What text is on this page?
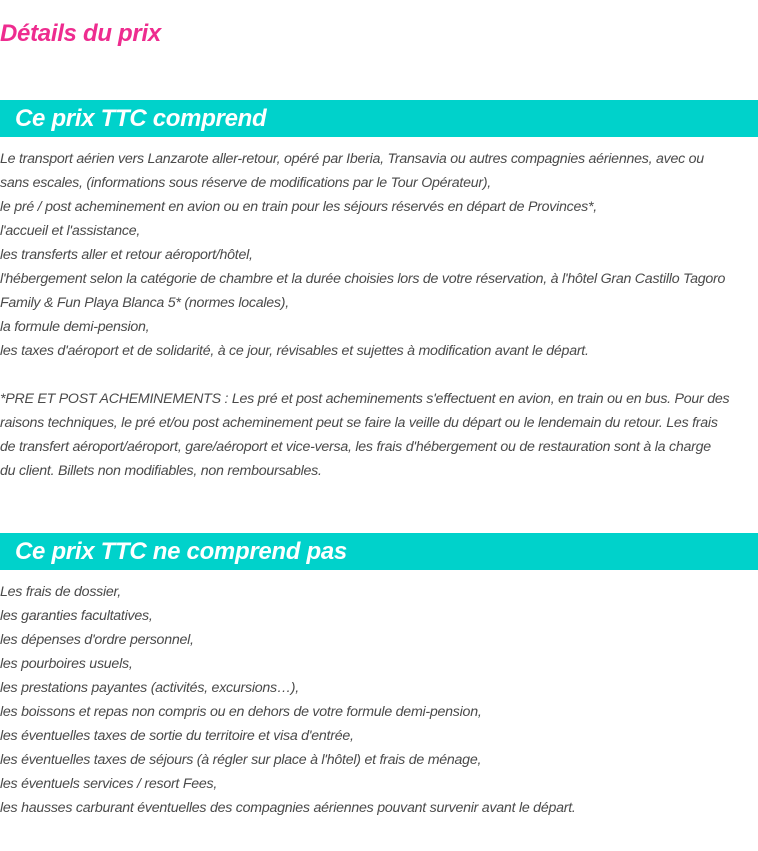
Détails du prix
Ce prix TTC comprend
Le transport aérien vers Lanzarote aller-retour, opéré par Iberia, Transavia ou autres compagnies aériennes, avec ou
sans escales, (informations sous réserve de modifications par le Tour Opérateur),
le pré / post acheminement en avion ou en train pour les séjours réservés en départ de Provinces*,
l'accueil et l'assistance,
les transferts aller et retour aéroport/hôtel,
l'hébergement selon la catégorie de chambre et la durée choisies lors de votre réservation, à l'hôtel Gran Castillo Tagoro
Family & Fun Playa Blanca 5* (normes locales),
la formule demi-pension,
les taxes d'aéroport et de solidarité, à ce jour, révisables et sujettes à modification avant le départ.
*PRE ET POST ACHEMINEMENTS : Les pré et post acheminements s'effectuent en avion, en train ou en bus. Pour des
raisons techniques, le pré et/ou post acheminement peut se faire la veille du départ ou le lendemain du retour. Les frais
de transfert aéroport/aéroport, gare/aéroport et vice-versa, les frais d'hébergement ou de restauration sont à la charge
du client. Billets non modifiables, non remboursables.
Ce prix TTC ne comprend pas
Les frais de dossier,
les garanties facultatives,
les dépenses d'ordre personnel,
les pourboires usuels,
les prestations payantes (activités, excursions…),
les boissons et repas non compris ou en dehors de votre formule demi-pension,
les éventuelles taxes de sortie du territoire et visa d'entrée,
les éventuelles taxes de séjours (à régler sur place à l'hôtel) et frais de ménage,
les éventuels services / resort Fees,
les hausses carburant éventuelles des compagnies aériennes pouvant survenir avant le départ.
